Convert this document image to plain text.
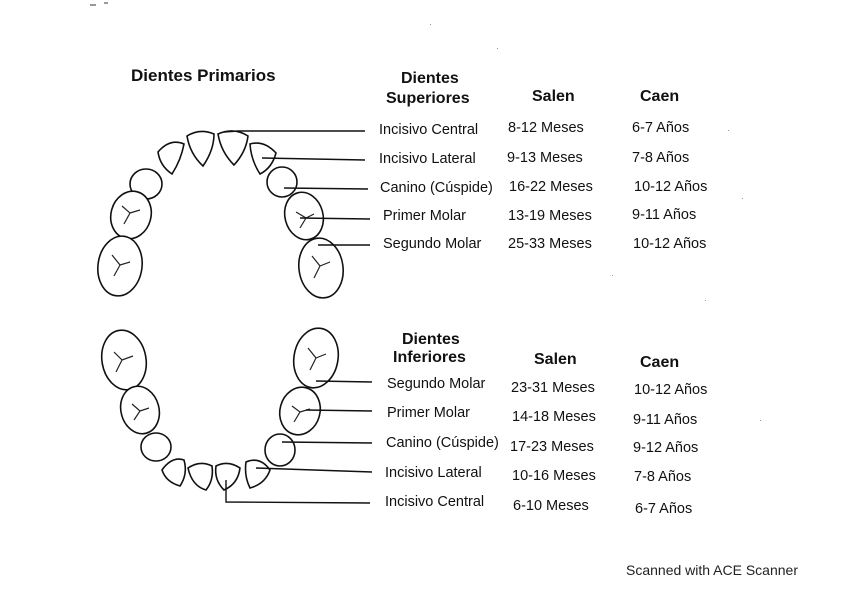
Dientes Primarios	Dientes
Superiores	Salen	Caen
Incisivo Central 8-12 Meses	6-7 Años
Incisivo Lateral 9-13 Meses	7-8 Años
Canino (Cúspide) 16-22 Meses	10-12 Años
Primer Molar	13-19 Meses	9-11 Años
Segundo Molar 25-33 Meses	10-12 Años
Dientes
Inferiores	Salen	Caen
Segundo Molar 23-31 Meses	10-12 Años
Primer Molar	14-18 Meses	9-11 Años
Canino (Cúspide) 17-23 Meses	9-12 Años
Incisivo Lateral 10-16 Meses	7-8 Años
Incisivo Central 6-10 Meses	6-7 Años
Scanned with ACE Scanner
